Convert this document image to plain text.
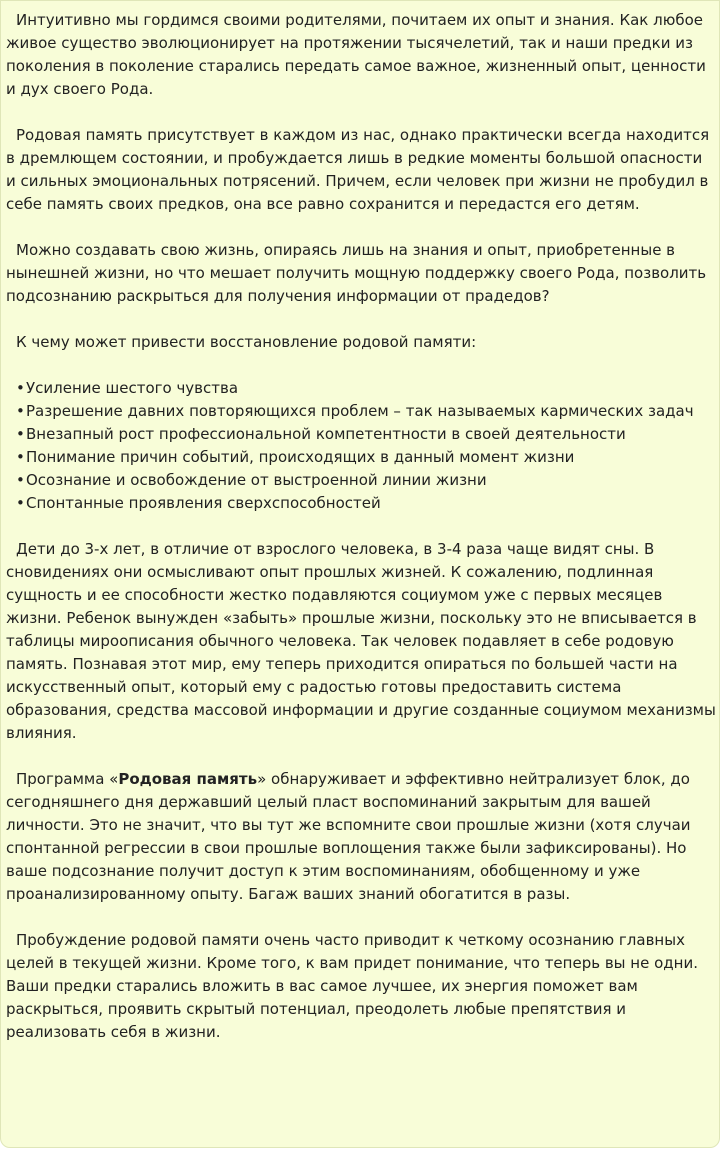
Интуитивно мы гордимся своими родителями, почитаем их опыт и знания. Как любое живое существо эволюционирует на протяжении тысячелетий, так и наши предки из поколения в поколение старались передать самое важное, жизненный опыт, ценности и дух своего Рода.

Родовая память присутствует в каждом из нас, однако практически всегда находится в дремлющем состоянии, и пробуждается лишь в редкие моменты большой опасности и сильных эмоциональных потрясений. Причем, если человек при жизни не пробудил в себе память своих предков, она все равно сохранится и передастся его детям.

Можно создавать свою жизнь, опираясь лишь на знания и опыт, приобретенные в нынешней жизни, но что мешает получить мощную поддержку своего Рода, позволить подсознанию раскрыться для получения информации от прадедов?

К чему может привести восстановление родовой памяти:

•Усиление шестого чувства
•Разрешение давних повторяющихся проблем – так называемых кармических задач
•Внезапный рост профессиональной компетентности в своей деятельности
•Понимание причин событий, происходящих в данный момент жизни
•Осознание и освобождение от выстроенной линии жизни
•Спонтанные проявления сверхспособностей

Дети до 3-х лет, в отличие от взрослого человека, в 3-4 раза чаще видят сны. В сновидениях они осмысливают опыт прошлых жизней. К сожалению, подлинная сущность и ее способности жестко подавляются социумом уже с первых месяцев жизни. Ребенок вынужден «забыть» прошлые жизни, поскольку это не вписывается в таблицы мироописания обычного человека. Так человек подавляет в себе родовую память. Познавая этот мир, ему теперь приходится опираться по большей части на искусственный опыт, который ему с радостью готовы предоставить система образования, средства массовой информации и другие созданные социумом механизмы влияния.

Программа «Родовая память» обнаруживает и эффективно нейтрализует блок, до сегодняшнего дня державший целый пласт воспоминаний закрытым для вашей личности. Это не значит, что вы тут же вспомните свои прошлые жизни (хотя случаи спонтанной регрессии в свои прошлые воплощения также были зафиксированы). Но ваше подсознание получит доступ к этим воспоминаниям, обобщенному и уже проанализированному опыту. Багаж ваших знаний обогатится в разы.

Пробуждение родовой памяти очень часто приводит к четкому осознанию главных целей в текущей жизни. Кроме того, к вам придет понимание, что теперь вы не одни. Ваши предки старались вложить в вас самое лучшее, их энергия поможет вам раскрыться, проявить скрытый потенциал, преодолеть любые препятствия и реализовать себя в жизни.
